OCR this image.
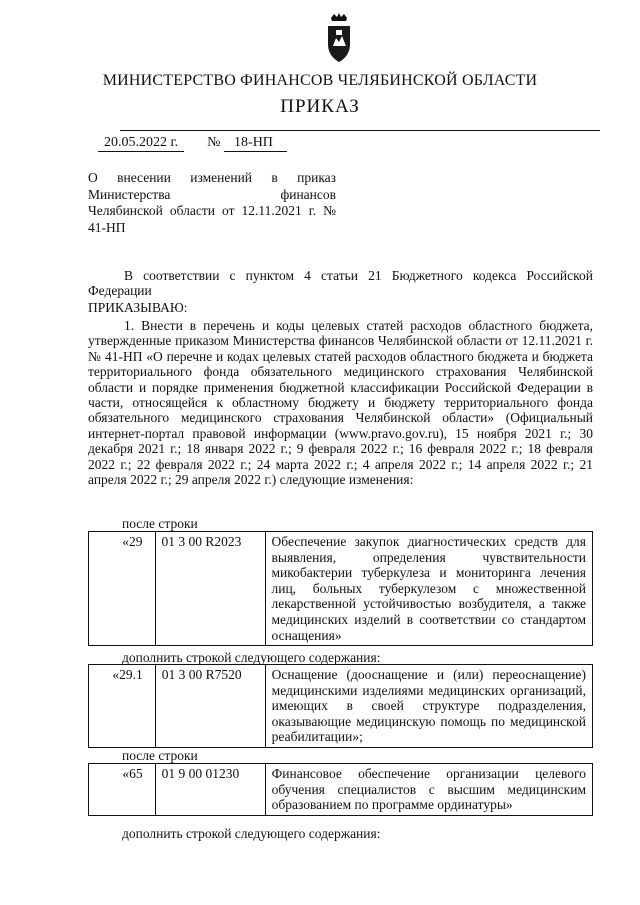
МИНИСТЕРСТВО ФИНАНСОВ ЧЕЛЯБИНСКОЙ ОБЛАСТИ
ПРИКАЗ
20.05.2022 г. № 18-НП
О внесении изменений в приказ
Министерства финансов
Челябинской области от 12.11.2021 г. №
41-НП
В соответствии с пунктом 4 статьи 21 Бюджетного кодекса Российской Федерации
ПРИКАЗЫВАЮ:

1. Внести в перечень и коды целевых статей расходов областного бюджета, утвержденные приказом Министерства финансов Челябинской области от 12.11.2021 г. № 41-НП «О перечне и кодах целевых статей расходов областного бюджета и бюджета территориального фонда обязательного медицинского страхования Челябинской области и порядке применения бюджетной классификации Российской Федерации в части, относящейся к областному бюджету и бюджету территориального фонда обязательного медицинского страхования Челябинской области» (Официальный интернет-портал правовой информации (www.pravo.gov.ru), 15 ноября 2021 г.; 30 декабря 2021 г.; 18 января 2022 г.; 9 февраля 2022 г.; 16 февраля 2022 г.; 18 февраля 2022 г.; 22 февраля 2022 г.; 24 марта 2022 г.; 4 апреля 2022 г.; 14 апреля 2022 г.; 21 апреля 2022 г.; 29 апреля 2022 г.) следующие изменения:

после строки
«29	01 3 00 R2023	Обеспечение закупок диагностических средств для выявления, определения чувствительности микобактерии туберкулеза и мониторинга лечения лиц, больных туберкулезом с множественной лекарственной устойчивостью возбудителя, а также медицинских изделий в соответствии со стандартом оснащения»
дополнить строкой следующего содержания:
«29.1	01 3 00 R7520	Оснащение (дооснащение и (или) переоснащение) медицинскими изделиями медицинских организаций, имеющих в своей структуре подразделения, оказывающие медицинскую помощь по медицинской реабилитации»;
после строки
«65	01 9 00 01230	Финансовое обеспечение организации целевого обучения специалистов с высшим медицинским образованием по программе ординатуры»
дополнить строкой следующего содержания:
